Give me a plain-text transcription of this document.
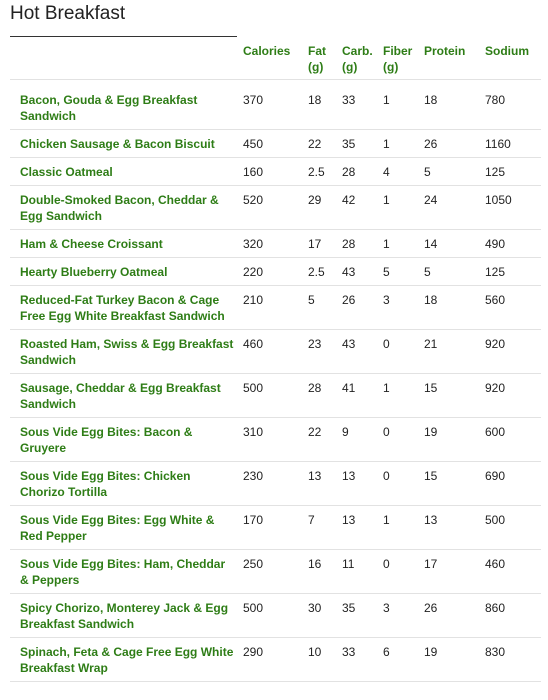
Hot Breakfast
	Calories	Fat (g)	Carb. (g)	Fiber (g)	Protein	Sodium
Bacon, Gouda & Egg Breakfast Sandwich	370	18	33	1	18	780
Chicken Sausage & Bacon Biscuit	450	22	35	1	26	1160
Classic Oatmeal	160	2.5	28	4	5	125
Double-Smoked Bacon, Cheddar & Egg Sandwich	520	29	42	1	24	1050
Ham & Cheese Croissant	320	17	28	1	14	490
Hearty Blueberry Oatmeal	220	2.5	43	5	5	125
Reduced-Fat Turkey Bacon & Cage Free Egg White Breakfast Sandwich	210	5	26	3	18	560
Roasted Ham, Swiss & Egg Breakfast Sandwich	460	23	43	0	21	920
Sausage, Cheddar & Egg Breakfast Sandwich	500	28	41	1	15	920
Sous Vide Egg Bites: Bacon & Gruyere	310	22	9	0	19	600
Sous Vide Egg Bites: Chicken Chorizo Tortilla	230	13	13	0	15	690
Sous Vide Egg Bites: Egg White & Red Pepper	170	7	13	1	13	500
Sous Vide Egg Bites: Ham, Cheddar & Peppers	250	16	11	0	17	460
Spicy Chorizo, Monterey Jack & Egg Breakfast Sandwich	500	30	35	3	26	860
Spinach, Feta & Cage Free Egg White Breakfast Wrap	290	10	33	6	19	830
